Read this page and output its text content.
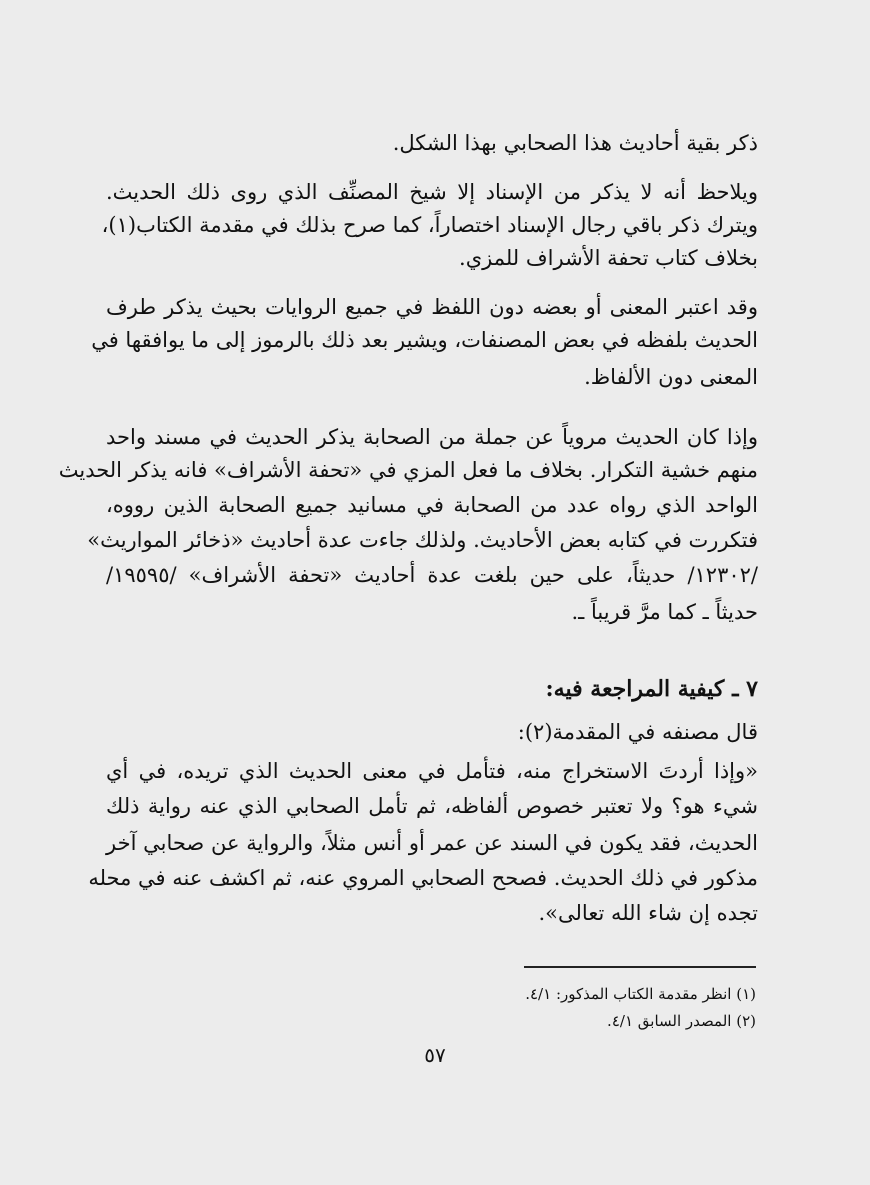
ذكر بقية أحاديث هذا الصحابي بهذا الشكل.
ويلاحظ أنه لا يذكر من الإسناد إلا شيخ المصنِّف الذي روى ذلك الحديث.
ويترك ذكر باقي رجال الإسناد اختصاراً، كما صرح بذلك في مقدمة الكتاب(١)،
بخلاف كتاب تحفة الأشراف للمزي.
وقد اعتبر المعنى أو بعضه دون اللفظ في جميع الروايات بحيث يذكر طرف
الحديث بلفظه في بعض المصنفات، ويشير بعد ذلك بالرموز إلى ما يوافقها في
المعنى دون الألفاظ.
وإذا كان الحديث مروياً عن جملة من الصحابة يذكر الحديث في مسند واحد
منهم خشية التكرار. بخلاف ما فعل المزي في «تحفة الأشراف» فانه يذكر الحديث
الواحد الذي رواه عدد من الصحابة في مسانيد جميع الصحابة الذين رووه،
فتكررت في كتابه بعض الأحاديث. ولذلك جاءت عدة أحاديث «ذخائر المواريث»
/١٢٣٠٢/ حديثاً، على حين بلغت عدة أحاديث «تحفة الأشراف» /١٩٥٩٥/
حديثاً ـ كما مرَّ قريباً ـ.
٧ ـ كيفية المراجعة فيه:
قال مصنفه في المقدمة(٢):
«وإذا أردتَ الاستخراج منه، فتأمل في معنى الحديث الذي تريده، في أي
شيء هو؟ ولا تعتبر خصوص ألفاظه، ثم تأمل الصحابي الذي عنه رواية ذلك
الحديث، فقد يكون في السند عن عمر أو أنس مثلاً، والرواية عن صحابي آخر
مذكور في ذلك الحديث. فصحح الصحابي المروي عنه، ثم اكشف عنه في محله
تجده إن شاء الله تعالى».
(١) انظر مقدمة الكتاب المذكور: ٤/١.
(٢) المصدر السابق ٤/١.
٥٧
